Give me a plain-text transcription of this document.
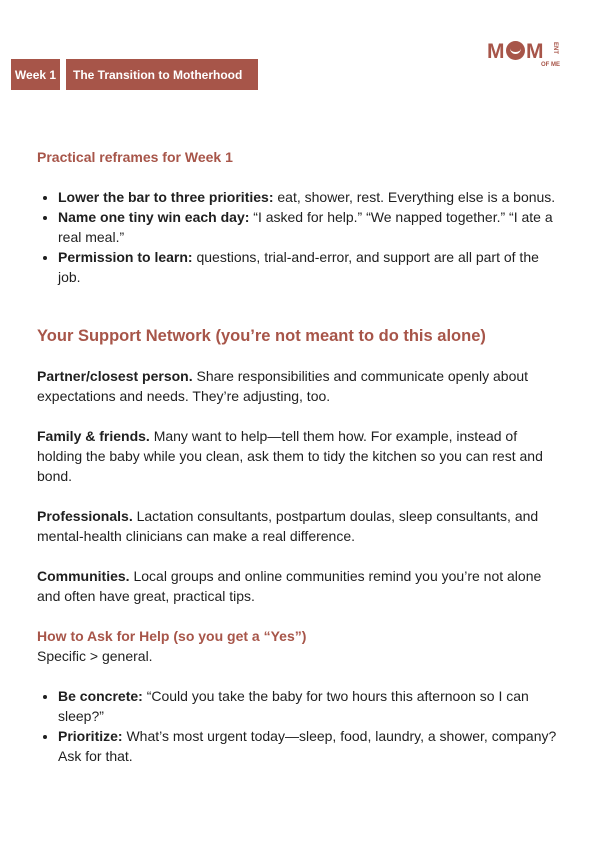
Week 1	The Transition to Motherhood
M M ENT
OF ME
Practical reframes for Week 1
• Lower the bar to three priorities: eat, shower, rest. Everything else is a bonus.
• Name one tiny win each day: “I asked for help.” “We napped together.” “I ate a real meal.”
• Permission to learn: questions, trial-and-error, and support are all part of the job.
Your Support Network (you’re not meant to do this alone)

Partner/closest person. Share responsibilities and communicate openly about expectations and needs. They’re adjusting, too.

Family & friends. Many want to help—tell them how. For example, instead of holding the baby while you clean, ask them to tidy the kitchen so you can rest and bond.

Professionals. Lactation consultants, postpartum doulas, sleep consultants, and mental-health clinicians can make a real difference.

Communities. Local groups and online communities remind you you’re not alone and often have great, practical tips.

How to Ask for Help (so you get a “Yes”)

Specific > general.

• Be concrete: “Could you take the baby for two hours this afternoon so I can sleep?”
• Prioritize: What’s most urgent today—sleep, food, laundry, a shower, company? Ask for that.
